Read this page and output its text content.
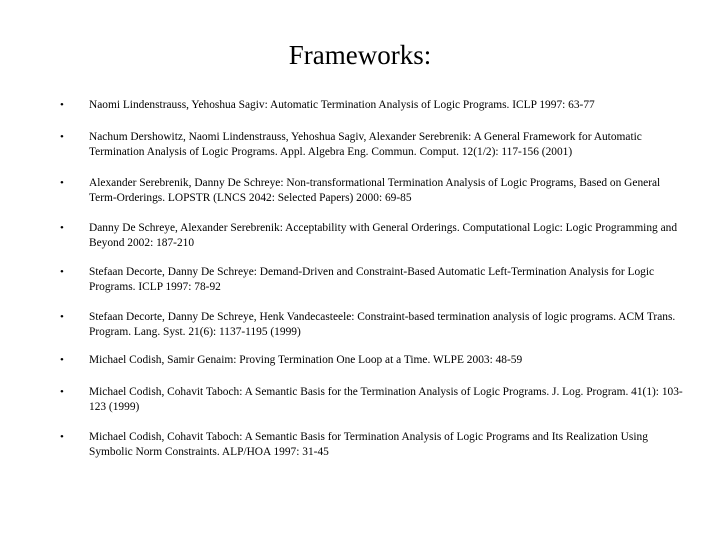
Frameworks:
• Naomi Lindenstrauss, Yehoshua Sagiv: Automatic Termination Analysis of Logic Programs. ICLP 1997: 63-77
• Nachum Dershowitz, Naomi Lindenstrauss, Yehoshua Sagiv, Alexander Serebrenik: A General Framework for Automatic Termination Analysis of Logic Programs. Appl. Algebra Eng. Commun. Comput. 12(1/2): 117-156 (2001)
• Alexander Serebrenik, Danny De Schreye: Non-transformational Termination Analysis of Logic Programs, Based on General Term-Orderings. LOPSTR (LNCS 2042: Selected Papers) 2000: 69-85
• Danny De Schreye, Alexander Serebrenik: Acceptability with General Orderings. Computational Logic: Logic Programming and Beyond 2002: 187-210
• Stefaan Decorte, Danny De Schreye: Demand-Driven and Constraint-Based Automatic Left-Termination Analysis for Logic Programs. ICLP 1997: 78-92
• Stefaan Decorte, Danny De Schreye, Henk Vandecasteele: Constraint-based termination analysis of logic programs. ACM Trans. Program. Lang. Syst. 21(6): 1137-1195 (1999)
• Michael Codish, Samir Genaim: Proving Termination One Loop at a Time. WLPE 2003: 48-59
• Michael Codish, Cohavit Taboch: A Semantic Basis for the Termination Analysis of Logic Programs. J. Log. Program. 41(1): 103-123 (1999)
• Michael Codish, Cohavit Taboch: A Semantic Basis for Termination Analysis of Logic Programs and Its Realization Using Symbolic Norm Constraints. ALP/HOA 1997: 31-45
